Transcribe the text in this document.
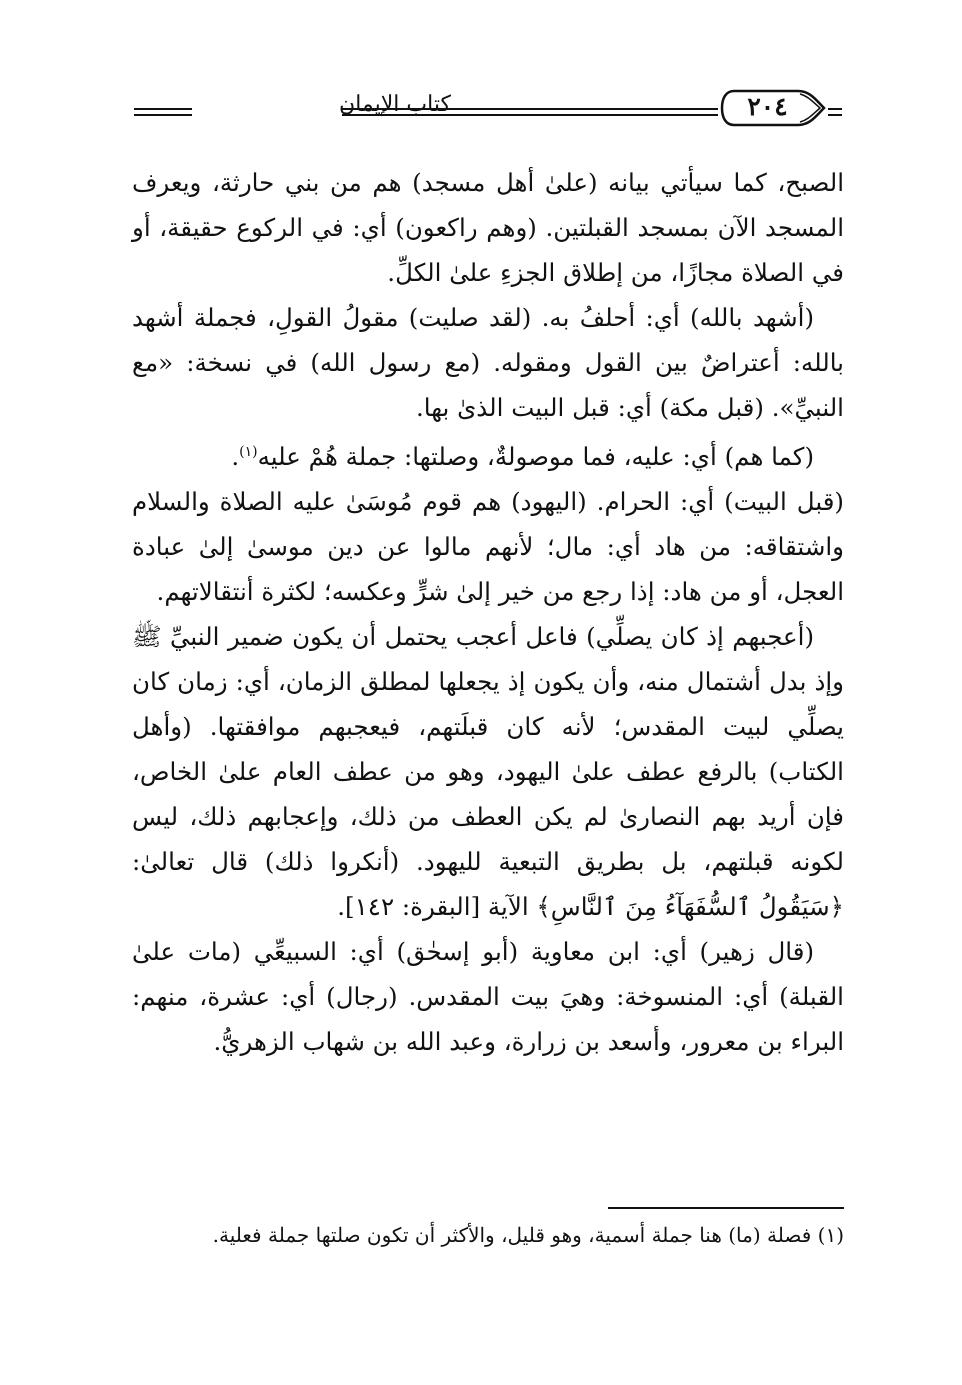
كتاب الإيمان	٢٠٤

الصبح، كما سيأتي بيانه (علىٰ أهل مسجد) هم من بني حارثة، ويعرف المسجد الآن بمسجد القبلتين. (وهم راكعون) أي: في الركوع حقيقة، أو في الصلاة مجازًا، من إطلاق الجزءِ علىٰ الكلِّ.

(أشهد بالله) أي: أحلفُ به. (لقد صليت) مقولُ القولِ، فجملة أشهد بالله: أعتراضٌ بين القول ومقوله. (مع رسول الله) في نسخة: «مع النبيِّ». (قبل مكة) أي: قبل البيت الذىٰ بها.

(كما هم) أي: عليه، فما موصولةٌ، وصلتها: جملة هُمْ عليه$^{(١)}$.

(قبل البيت) أي: الحرام. (اليهود) هم قوم مُوسَىٰ عليه الصلاة والسلام واشتقاقه: من هاد أي: مال؛ لأنهم مالوا عن دين موسىٰ إلىٰ عبادة العجل، أو من هاد: إذا رجع من خير إلىٰ شرٍّ وعكسه؛ لكثرة أنتقالاتهم.

(أعجبهم إذ كان يصلِّي) فاعل أعجب يحتمل أن يكون ضمير النبيِّ ﷺ وإذ بدل أشتمال منه، وأن يكون إذ يجعلها لمطلق الزمان، أي: زمان كان يصلِّي لبيت المقدس؛ لأنه كان قبلَتهم، فيعجبهم موافقتها. (وأهل الكتاب) بالرفع عطف علىٰ اليهود، وهو من عطف العام علىٰ الخاص، فإن أريد بهم النصارىٰ لم يكن العطف من ذلك، وإعجابهم ذلك، ليس لكونه قبلتهم، بل بطريق التبعية لليهود. (أنكروا ذلك) قال تعالىٰ: ﴿سَيَقُولُ ٱلسُّفَهَآءُ مِنَ ٱلنَّاسِ﴾ الآية [البقرة: ١٤٢].

(قال زهير) أي: ابن معاوية (أبو إسحٰق) أي: السبيعِّي (مات علىٰ القبلة) أي: المنسوخة: وهيَ بيت المقدس. (رجال) أي: عشرة، منهم: البراء بن معرور، وأسعد بن زرارة، وعبد الله بن شهاب الزهريُّ.

(١) فصلة (ما) هنا جملة أسمية، وهو قليل، والأكثر أن تكون صلتها جملة فعلية.
